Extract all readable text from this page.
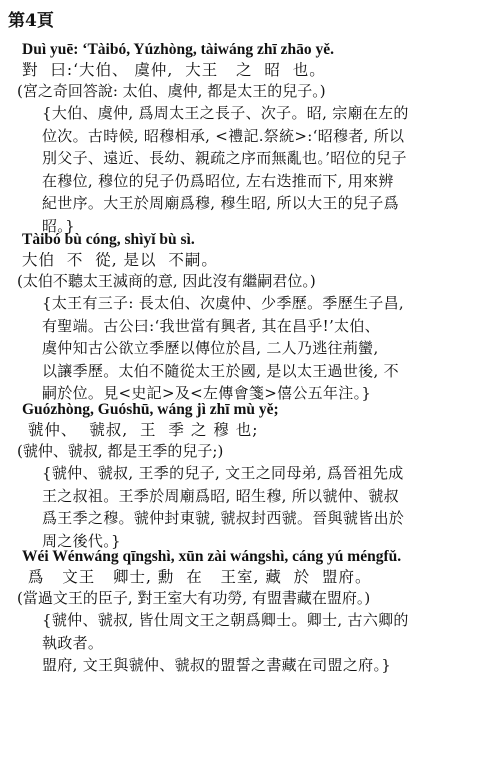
第4頁
Duì yuē: ‘Tàibó, Yúzhòng, tàiwáng zhī zhāo yě.
對  曰:‘大伯、 虞仲,  大王   之  昭  也。
(宮之奇回答說: 太伯、虞仲, 都是太王的兒子。)
{大伯、虞仲, 爲周太王之長子、次子。昭, 宗廟在左的
位次。古時候, 昭穆相承, <禮記.祭統>:‘昭穆者, 所以
別父子、遠近、長幼、親疏之序而無亂也。’昭位的兒子
在穆位, 穆位的兒子仍爲昭位, 左右迭推而下, 用來辨
紀世序。大王於周廟爲穆, 穆生昭, 所以大王的兒子爲
昭。}
Tàibó bù cóng, shìyǐ bù sì.
大伯  不  從, 是以  不嗣。
(太伯不聽太王滅商的意, 因此沒有繼嗣君位。)
{太王有三子: 長太伯、次虞仲、少季歷。季歷生子昌,
有聖端。古公曰:‘我世當有興者, 其在昌乎!’太伯、
虞仲知古公欲立季歷以傳位於昌, 二人乃逃往荊蠻,
以讓季歷。太伯不隨從太王於國, 是以太王過世後, 不
嗣於位。見<史記>及<左傳會箋>僖公五年注。}
Guózhòng, Guóshū, wáng jì zhī mù yě;
虢仲、  虢叔,  王  季 之 穆 也;
(虢仲、虢叔, 都是王季的兒子;)
{虢仲、虢叔, 王季的兒子, 文王之同母弟, 爲晉祖先成
王之叔祖。王季於周廟爲昭, 昭生穆, 所以虢仲、虢叔
爲王季之穆。虢仲封東虢, 虢叔封西虢。晉與虢皆出於
周之後代。}
Wéi Wénwáng qīngshì, xūn zài wángshì, cáng yú méngfǔ.
爲   文王   卿士, 勳  在   王室, 藏  於  盟府。
(當過文王的臣子, 對王室大有功勞, 有盟書藏在盟府。)
{虢仲、虢叔, 皆仕周文王之朝爲卿士。卿士, 古六卿的
執政者。
盟府, 文王與虢仲、虢叔的盟誓之書藏在司盟之府。}
